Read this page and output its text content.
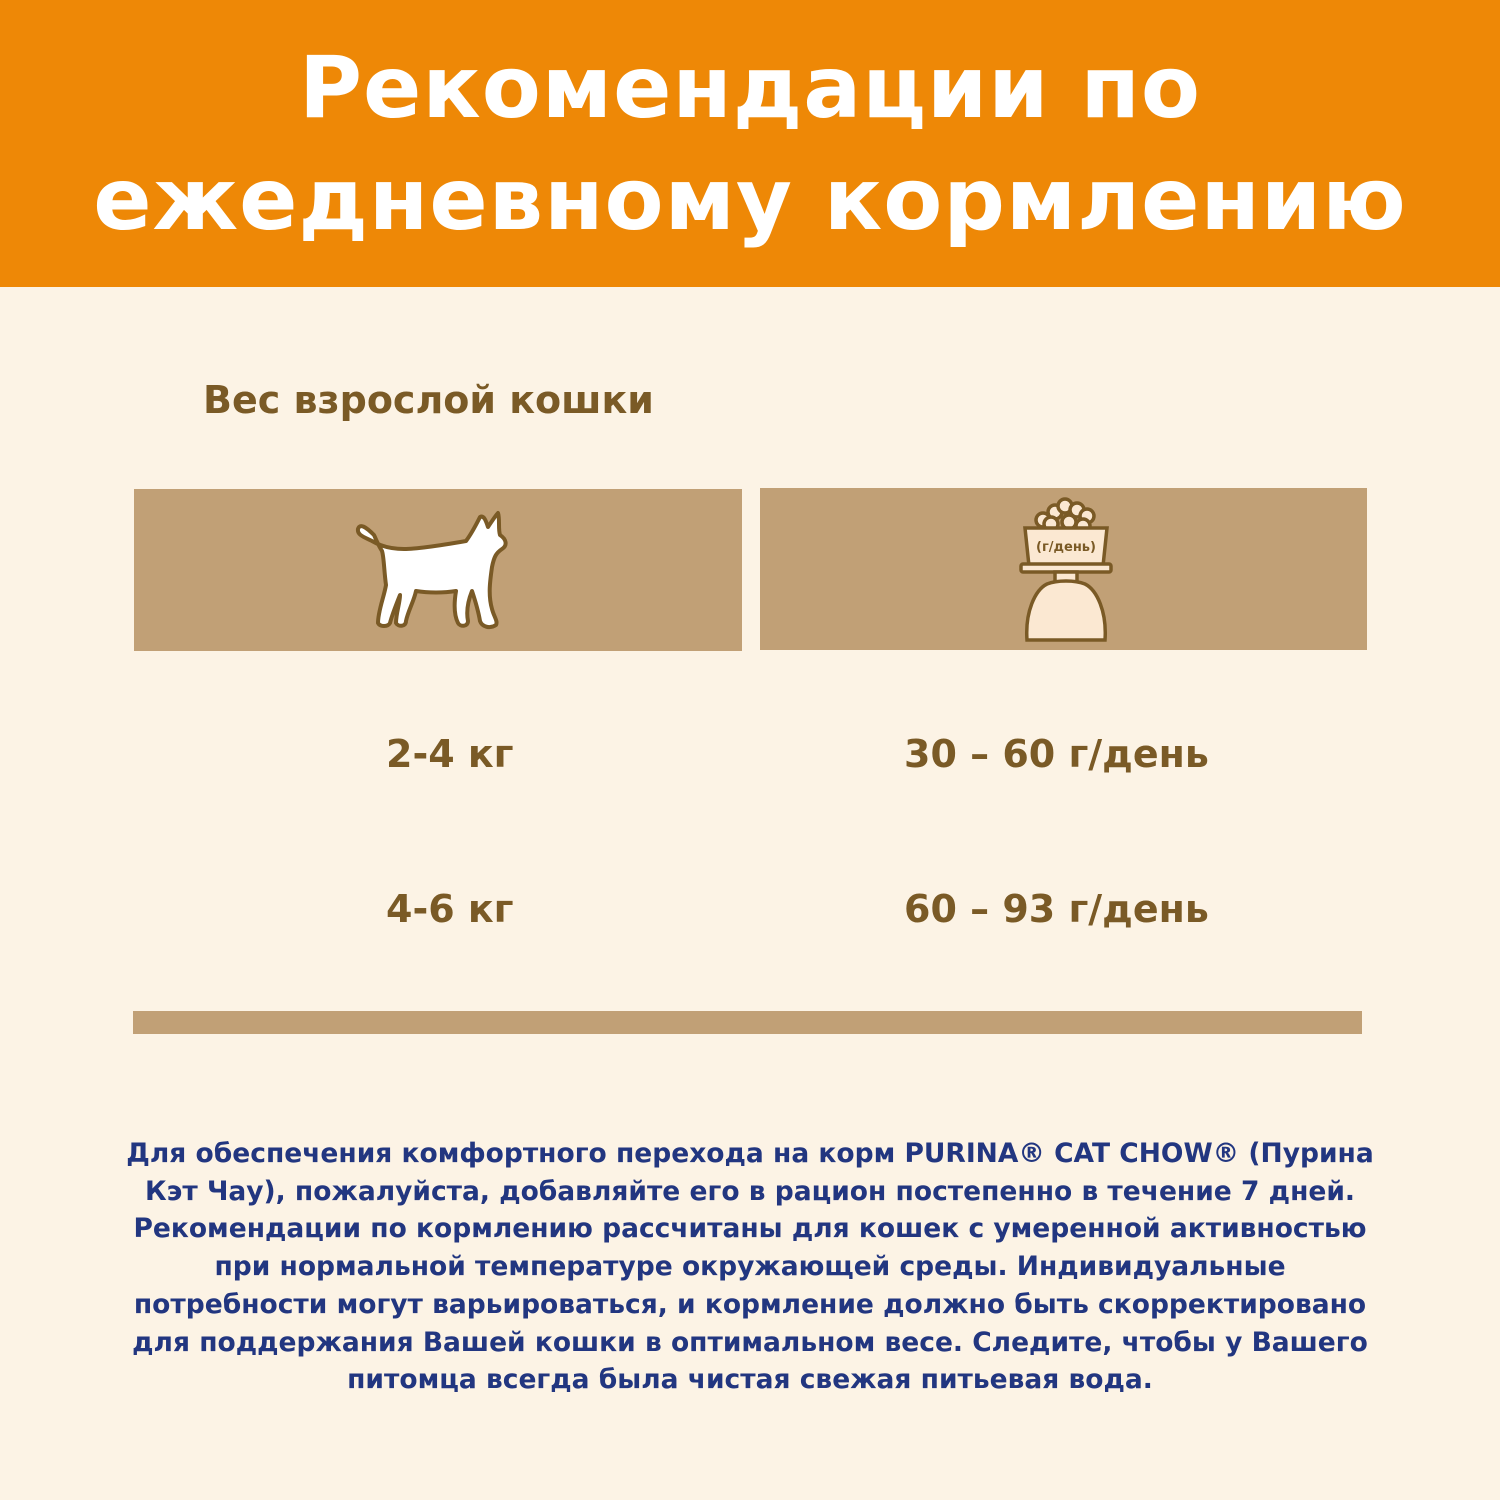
Рекомендации по
ежедневному кормлению
Вес взрослой кошки
(г/день)
2-4 кг	30 – 60 г/день
4-6 кг	60 – 93 г/день
Для обеспечения комфортного перехода на корм PURINA® CAT CHOW® (Пурина
Кэт Чау), пожалуйста, добавляйте его в рацион постепенно в течение 7 дней.
Рекомендации по кормлению рассчитаны для кошек с умеренной активностью
при нормальной температуре окружающей среды. Индивидуальные
потребности могут варьироваться, и кормление должно быть скорректировано
для поддержания Вашей кошки в оптимальном весе. Следите, чтобы у Вашего
питомца всегда была чистая свежая питьевая вода.
